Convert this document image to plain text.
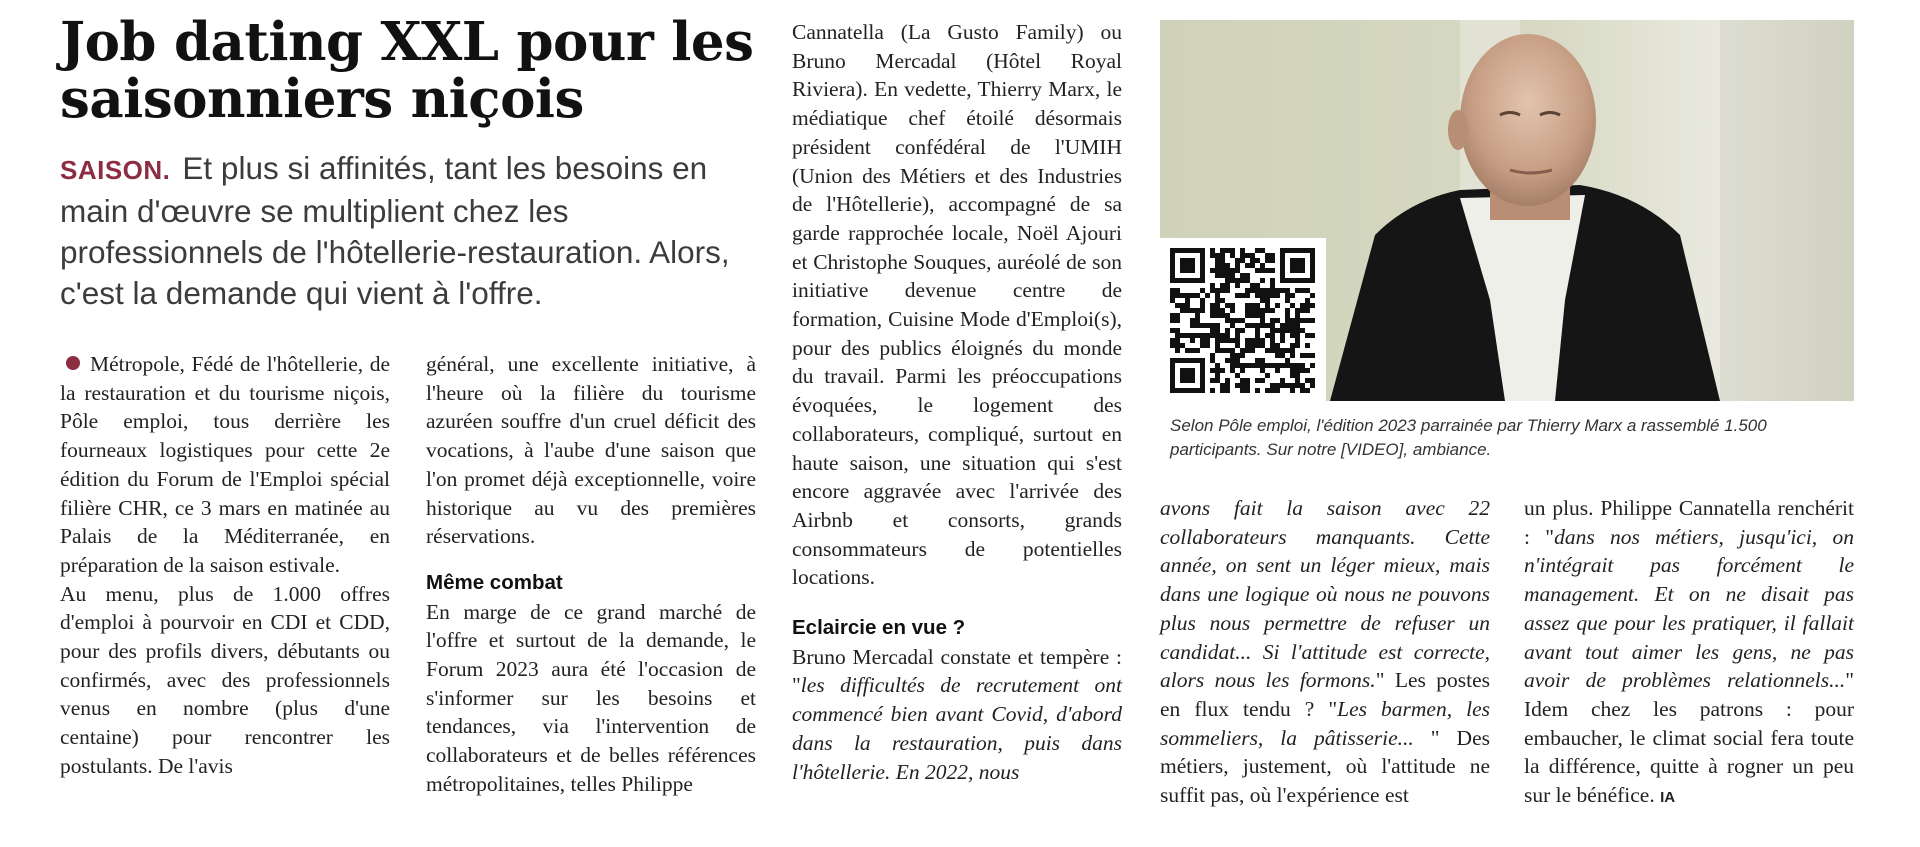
Job dating XXL pour les saisonniers niçois

SAISON. Et plus si affinités, tant les besoins en main d'œuvre se multiplient chez les professionnels de l'hôtellerie-restauration. Alors, c'est la demande qui vient à l'offre.

Métropole, Fédé de l'hôtellerie, de la restauration et du tourisme niçois, Pôle emploi, tous derrière les fourneaux logistiques pour cette 2e édition du Forum de l'Emploi spécial filière CHR, ce 3 mars en matinée au Palais de la Méditerranée, en préparation de la saison estivale.

Au menu, plus de 1.000 offres d'emploi à pourvoir en CDI et CDD, pour des profils divers, débutants ou confirmés, avec des professionnels venus en nombre (plus d'une centaine) pour rencontrer les postulants. De l'avis

général, une excellente initiative, à l'heure où la filière du tourisme azuréen souffre d'un cruel déficit des vocations, à l'aube d'une saison que l'on promet déjà exceptionnelle, voire historique au vu des premières réservations.

Même combat

En marge de ce grand marché de l'offre et surtout de la demande, le Forum 2023 aura été l'occasion de s'informer sur les besoins et tendances, via l'intervention de collaborateurs et de belles références métropolitaines, telles Philippe

Cannatella (La Gusto Family) ou Bruno Mercadal (Hôtel Royal Riviera). En vedette, Thierry Marx, le médiatique chef étoilé désormais président confédéral de l'UMIH (Union des Métiers et des Industries de l'Hôtellerie), accompagné de sa garde rapprochée locale, Noël Ajouri et Christophe Souques, auréolé de son initiative devenue centre de formation, Cuisine Mode d'Emploi(s), pour des publics éloignés du monde du travail. Parmi les préoccupations évoquées, le logement des collaborateurs, compliqué, surtout en haute saison, une situation qui s'est encore aggravée avec l'arrivée des Airbnb et consorts, grands consommateurs de potentielles locations.

Eclaircie en vue ?

Bruno Mercadal constate et tempère : "les difficultés de recrutement ont commencé bien avant Covid, d'abord dans la restauration, puis dans l'hôtellerie. En 2022, nous

Selon Pôle emploi, l'édition 2023 parrainée par Thierry Marx a rassemblé 1.500 participants. Sur notre [VIDEO], ambiance.

avons fait la saison avec 22 collaborateurs manquants. Cette année, on sent un léger mieux, mais dans une logique où nous ne pouvons plus nous permettre de refuser un candidat... Si l'attitude est correcte, alors nous les formons." Les postes en flux tendu ? "Les barmen, les sommeliers, la pâtisserie... " Des métiers, justement, où l'attitude ne suffit pas, où l'expérience est

un plus. Philippe Cannatella renchérit : "dans nos métiers, jusqu'ici, on n'intégrait pas forcément le management. Et on ne disait pas assez que pour les pratiquer, il fallait avant tout aimer les gens, ne pas avoir de problèmes relationnels..." Idem chez les patrons : pour embaucher, le climat social fera toute la différence, quitte à rogner un peu sur le bénéfice. IA
